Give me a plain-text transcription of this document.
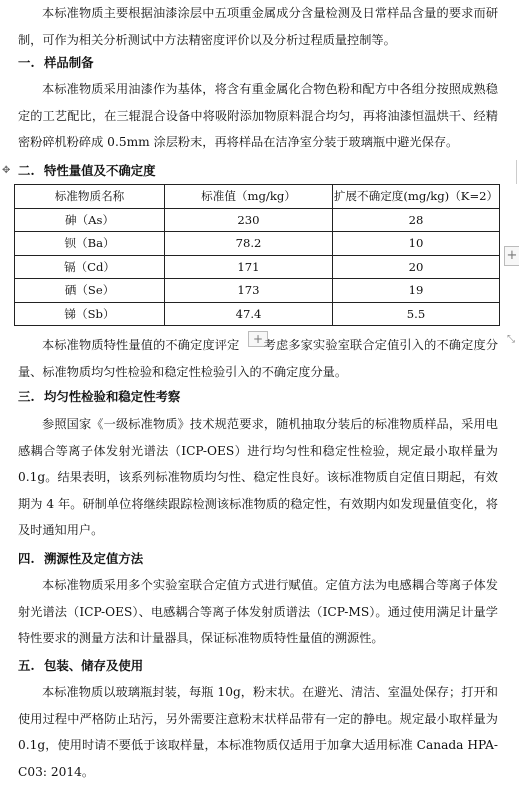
本标准物质主要根据油漆涂层中五项重金属成分含量检测及日常样品含量的要求而研制，可作为相关分析测试中方法精密度评价以及分析过程质量控制等。

一. 样品制备

本标准物质采用油漆作为基体，将含有重金属化合物色粉和配方中各组分按照成熟稳定的工艺配比，在三辊混合设备中将吸附添加物原料混合均匀，再将油漆恒温烘干、经精密粉碎机粉碎成 0.5mm 涂层粉末，再将样品在洁净室分装于玻璃瓶中避光保存。

✥ 二. 特性量值及不确定度
标准物质名称	标准值（mg/kg）	扩展不确定度(mg/kg)（K=2）
砷（As）	230	28
钡（Ba）	78.2	10
镉（Cd）	171	20
硒（Se）	173	19
锑（Sb）	47.4	5.5
+
+	⤡

本标准物质特性量值的不确定度评定 考虑多家实验室联合定值引入的不确定度分量、标准物质均匀性检验和稳定性检验引入的不确定度分量。

三. 均匀性检验和稳定性考察

参照国家《一级标准物质》技术规范要求，随机抽取分装后的标准物质样品，采用电感耦合等离子体发射光谱法（ICP-OES）进行均匀性和稳定性检验，规定最小取样量为 0.1g。结果表明，该系列标准物质均匀性、稳定性良好。该标准物质自定值日期起，有效期为 4 年。研制单位将继续跟踪检测该标准物质的稳定性，有效期内如发现量值变化，将及时通知用户。

四. 溯源性及定值方法

本标准物质采用多个实验室联合定值方式进行赋值。定值方法为电感耦合等离子体发射光谱法（ICP-OES）、电感耦合等离子体发射质谱法（ICP-MS）。通过使用满足计量学特性要求的测量方法和计量器具，保证标准物质特性量值的溯源性。

五. 包装、储存及使用

本标准物质以玻璃瓶封装，每瓶 10g，粉末状。在避光、清洁、室温处保存；打开和使用过程中严格防止玷污，另外需要注意粉末状样品带有一定的静电。规定最小取样量为 0.1g，使用时请不要低于该取样量，本标准物质仅适用于加拿大适用标准 Canada HPA-C03: 2014。
